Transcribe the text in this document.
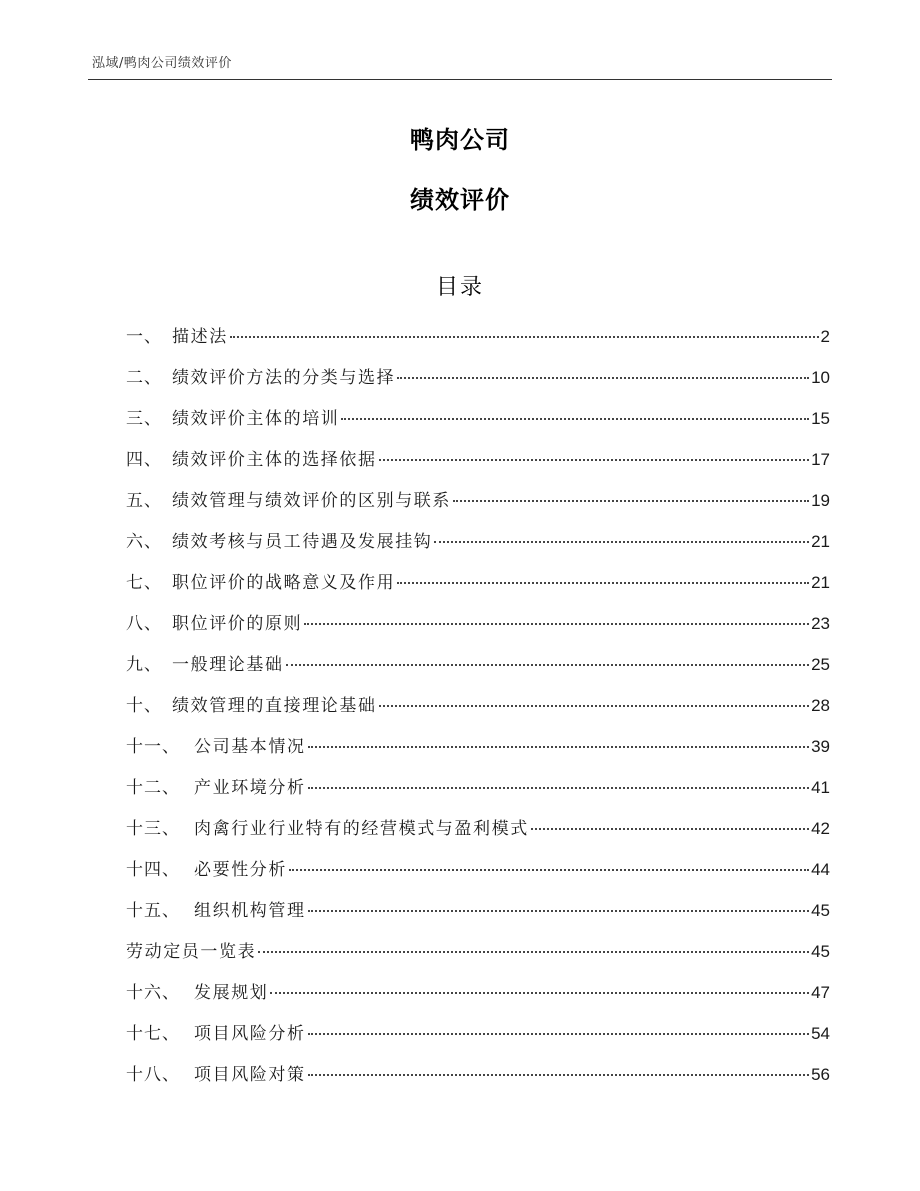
泓域/鸭肉公司绩效评价
鸭肉公司
绩效评价
目录
一、 描述法	2
二、 绩效评价方法的分类与选择	10
三、 绩效评价主体的培训	15
四、 绩效评价主体的选择依据	17
五、 绩效管理与绩效评价的区别与联系	19
六、 绩效考核与员工待遇及发展挂钩	21
七、 职位评价的战略意义及作用	21
八、 职位评价的原则	23
九、 一般理论基础	25
十、 绩效管理的直接理论基础	28
十一、 公司基本情况	39
十二、 产业环境分析	41
十三、 肉禽行业行业特有的经营模式与盈利模式	42
十四、 必要性分析	44
十五、 组织机构管理	45
劳动定员一览表	45
十六、 发展规划	47
十七、 项目风险分析	54
十八、 项目风险对策	56
